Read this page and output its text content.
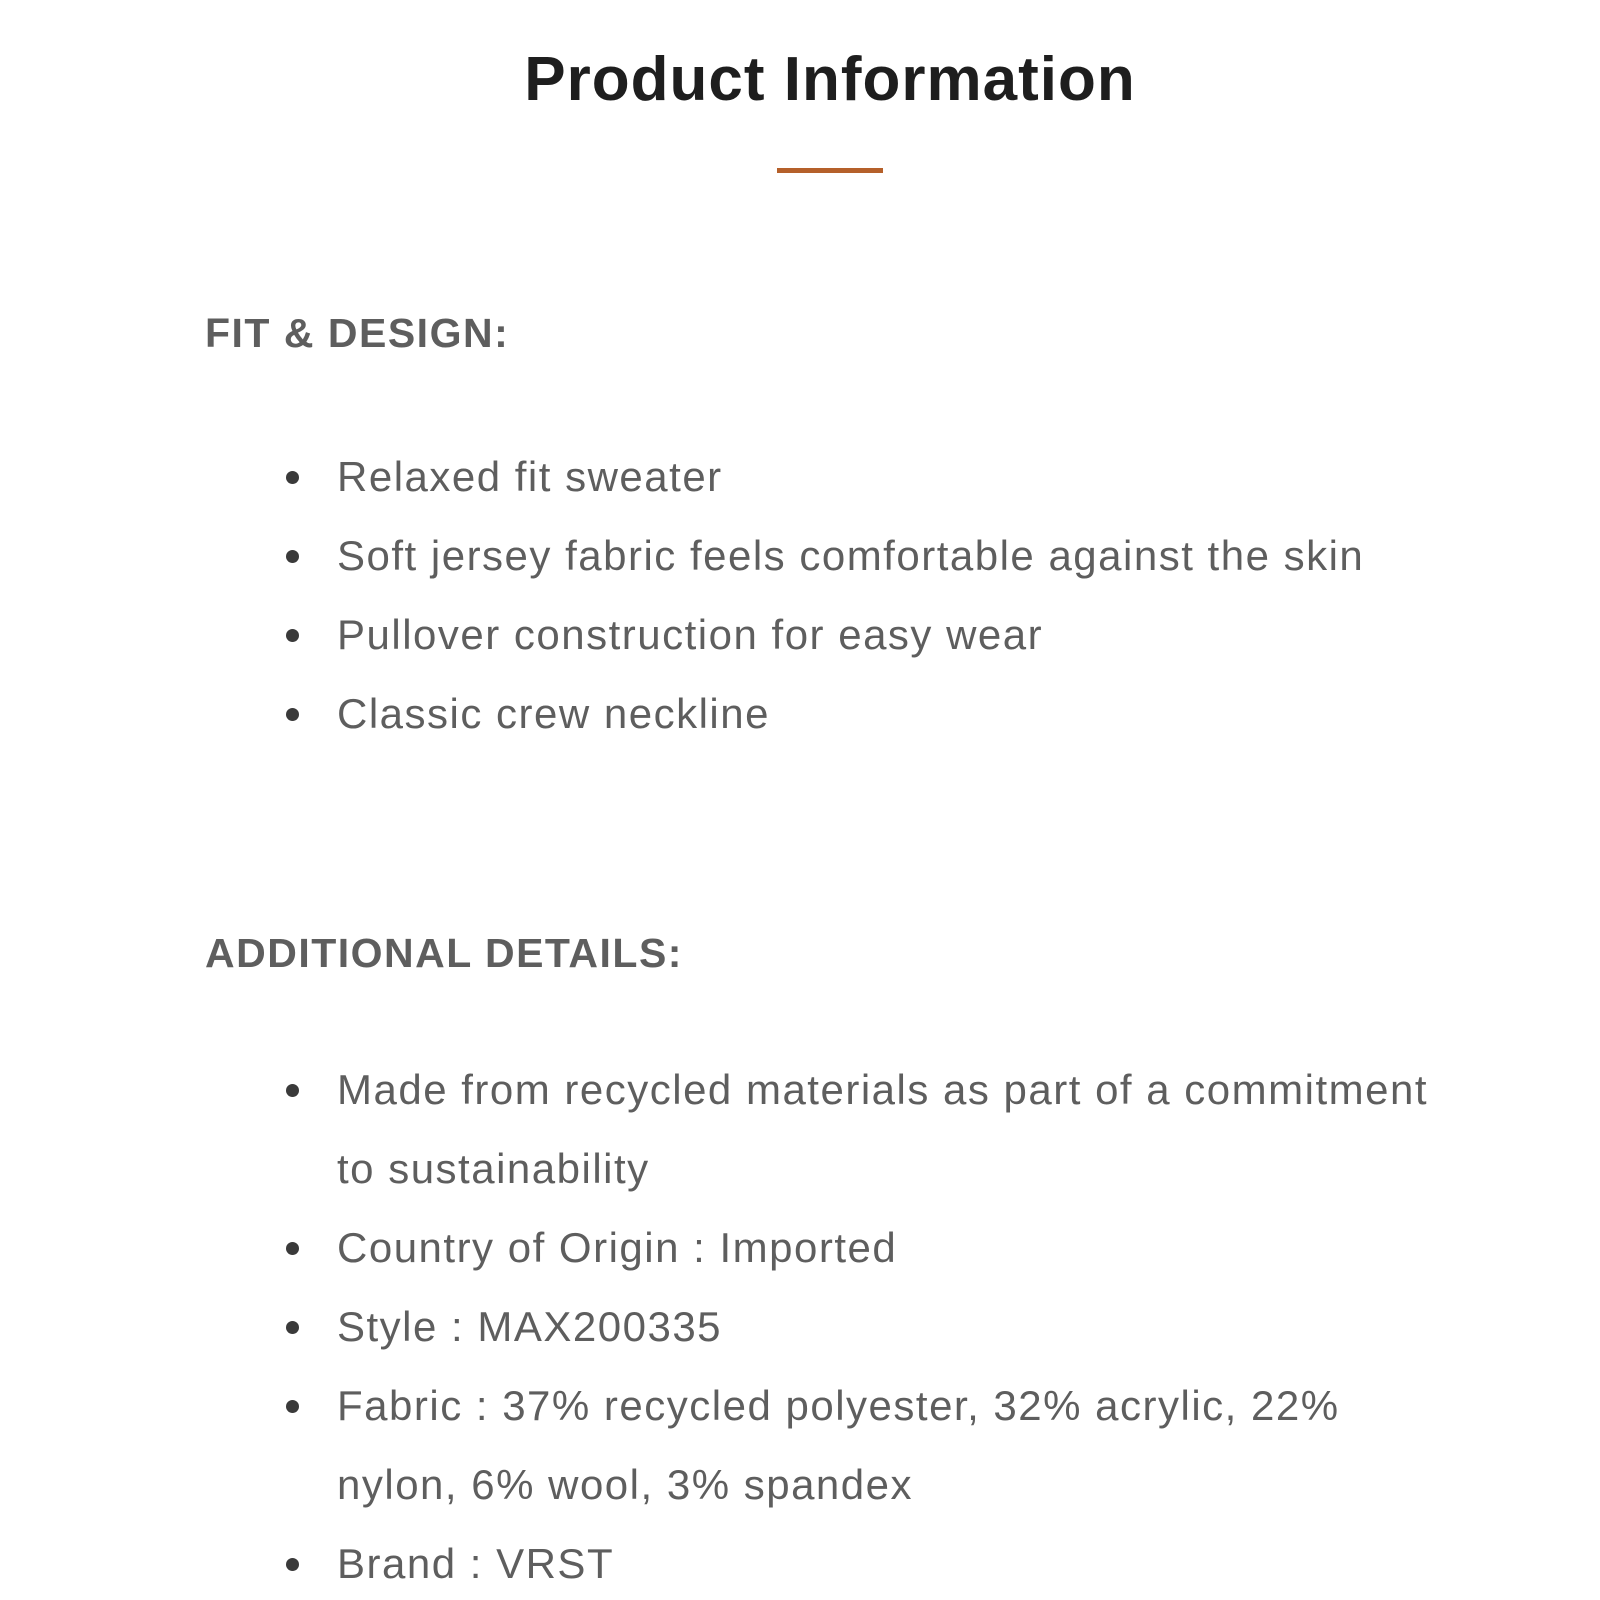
Product Information
FIT & DESIGN:
Relaxed fit sweater
Soft jersey fabric feels comfortable against the skin
Pullover construction for easy wear
Classic crew neckline
ADDITIONAL DETAILS:
Made from recycled materials as part of a commitment to sustainability
Country of Origin : Imported
Style : MAX200335
Fabric : 37% recycled polyester, 32% acrylic, 22% nylon, 6% wool, 3% spandex
Brand : VRST
